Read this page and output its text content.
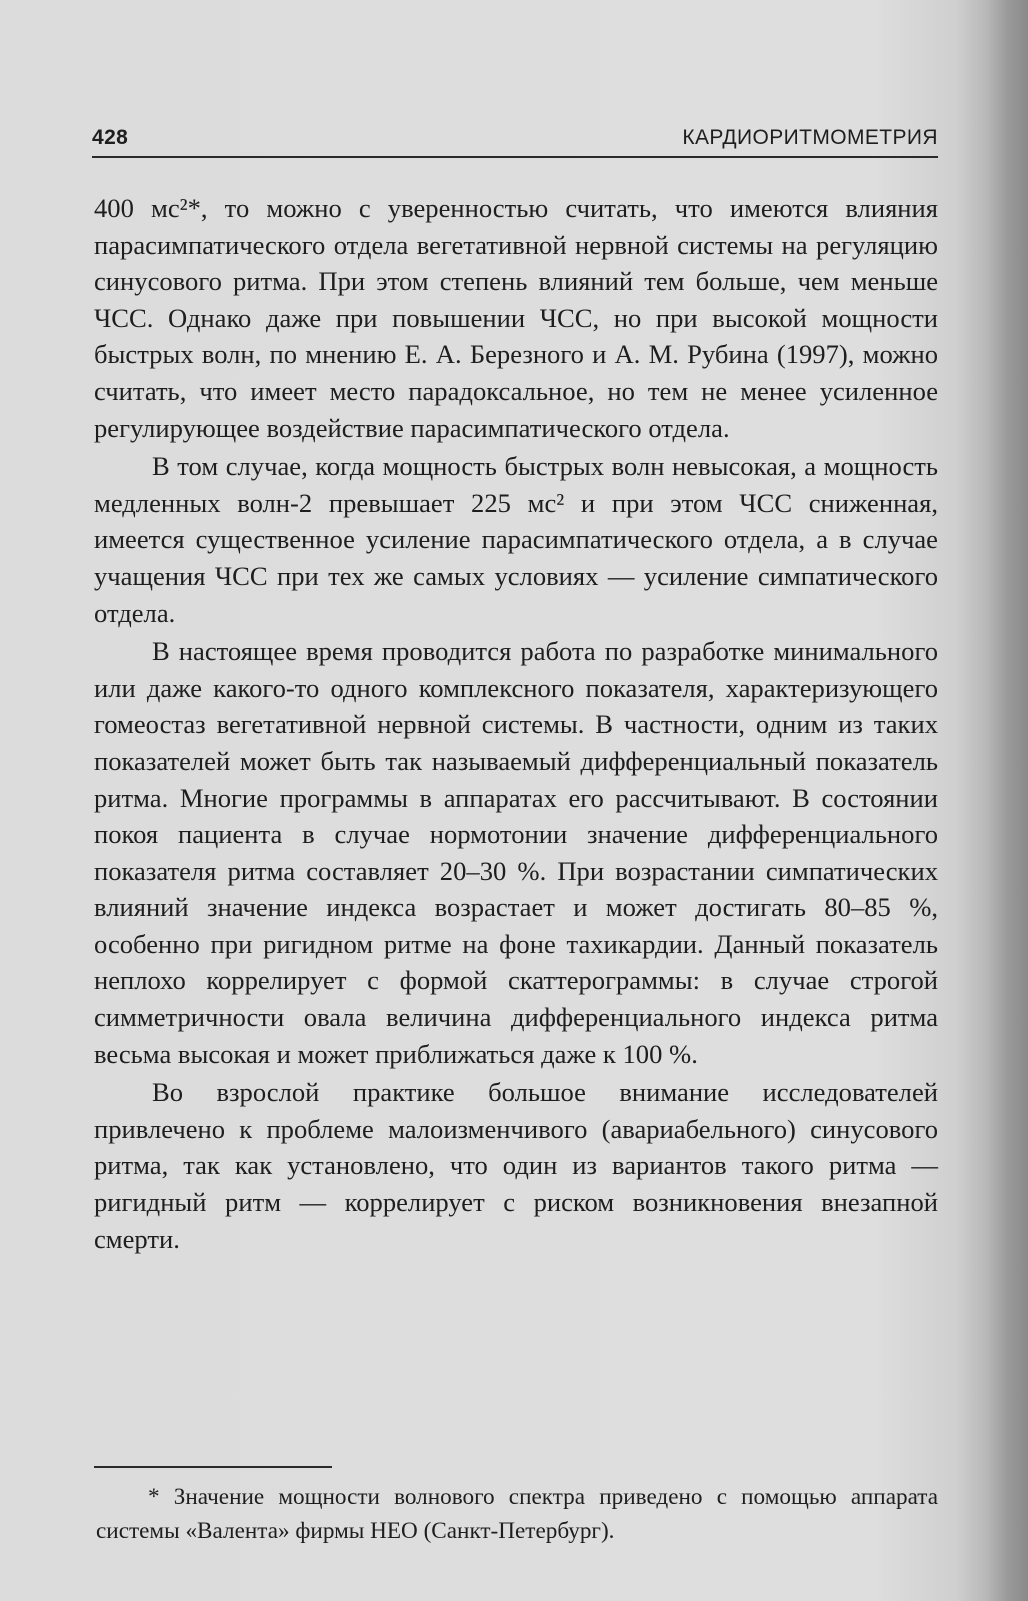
428	КАРДИОРИТМОМЕТРИЯ

400 мс²*, то можно с уверенностью считать, что имеются влияния парасимпатического отдела вегетативной нервной системы на регуляцию синусового ритма. При этом степень влияний тем больше, чем меньше ЧСС. Однако даже при повышении ЧСС, но при высокой мощности быстрых волн, по мнению Е. А. Березного и А. М. Рубина (1997), можно считать, что имеет место парадоксальное, но тем не менее усиленное регулирующее воздействие парасимпатического отдела.

В том случае, когда мощность быстрых волн невысокая, а мощность медленных волн-2 превышает 225 мс² и при этом ЧСС сниженная, имеется существенное усиление парасимпатического отдела, а в случае учащения ЧСС при тех же самых условиях — усиление симпатического отдела.

В настоящее время проводится работа по разработке минимального или даже какого-то одного комплексного показателя, характеризующего гомеостаз вегетативной нервной системы. В частности, одним из таких показателей может быть так называемый дифференциальный показатель ритма. Многие программы в аппаратах его рассчитывают. В состоянии покоя пациента в случае нормотонии значение дифференциального показателя ритма составляет 20–30 %. При возрастании симпатических влияний значение индекса возрастает и может достигать 80–85 %, особенно при ригидном ритме на фоне тахикардии. Данный показатель неплохо коррелирует с формой скаттерограммы: в случае строгой симметричности овала величина дифференциального индекса ритма весьма высокая и может приближаться даже к 100 %.

Во взрослой практике большое внимание исследователей привлечено к проблеме малоизменчивого (авариабельного) синусового ритма, так как установлено, что один из вариантов такого ритма — ригидный ритм — коррелирует с риском возникновения внезапной смерти.

* Значение мощности волнового спектра приведено с помощью аппарата системы «Валента» фирмы НЕО (Санкт-Петербург).
